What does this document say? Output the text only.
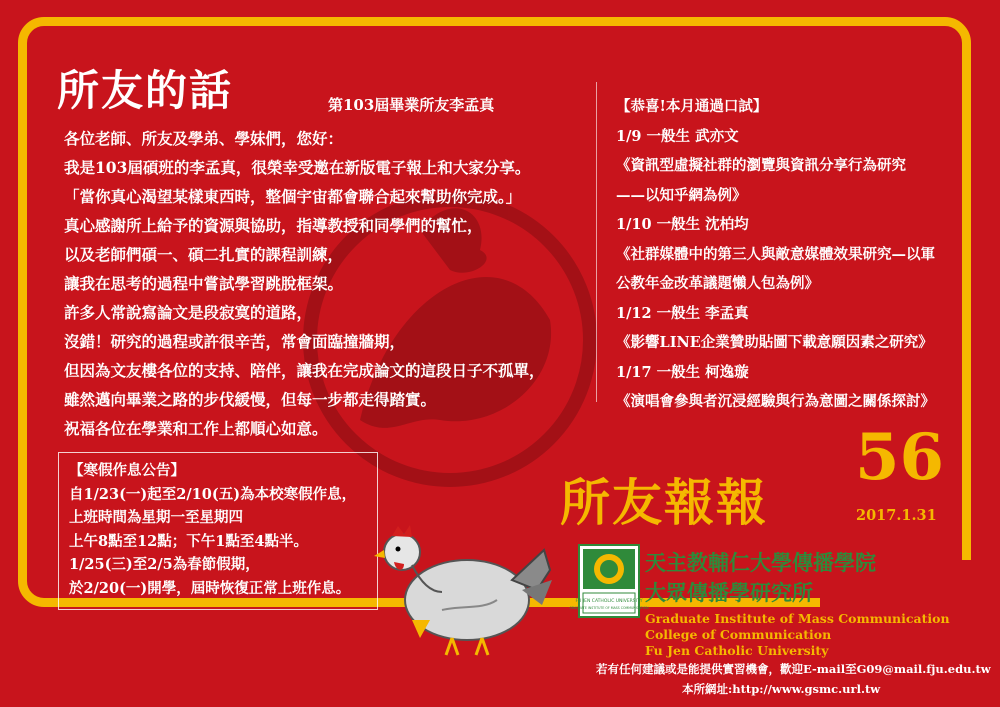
所友的話	第103屆畢業所友李孟真

各位老師、所友及學弟、學妹們，您好：

我是103屆碩班的李孟真，很榮幸受邀在新版電子報上和大家分享。

「當你真心渴望某樣東西時，整個宇宙都會聯合起來幫助你完成。」

真心感謝所上給予的資源與協助，指導教授和同學們的幫忙，

以及老師們碩一、碩二扎實的課程訓練，

讓我在思考的過程中嘗試學習跳脫框架。

許多人常說寫論文是段寂寞的道路，

沒錯！研究的過程或許很辛苦，常會面臨撞牆期，

但因為文友樓各位的支持、陪伴，讓我在完成論文的這段日子不孤單，

雖然邁向畢業之路的步伐緩慢，但每一步都走得踏實。

祝福各位在學業和工作上都順心如意。

【恭喜!本月通過口試】

1/9 一般生 武亦文

《資訊型虛擬社群的瀏覽與資訊分享行為研究

——以知乎網為例》

1/10 一般生 沈柏均

《社群媒體中的第三人與敵意媒體效果研究—以軍

公教年金改革議題懶人包為例》

1/12 一般生 李孟真

《影響LINE企業贊助貼圖下載意願因素之研究》

1/17 一般生 柯逸璇

《演唱會參與者沉浸經驗與行為意圖之關係探討》

【寒假作息公告】

自1/23(一)起至2/10(五)為本校寒假作息，

上班時間為星期一至星期四

上午8點至12點；下午1點至4點半。

1/25(三)至2/5為春節假期，

於2/20(一)開學，屆時恢復正常上班作息。

所友報報
56
2017.1.31
FU JEN CATHOLIC UNIVERSITY
GRADUATE INSTITUTE OF MASS COMMUNICATION
天主教輔仁大學傳播學院
大眾傳播學研究所
Graduate Institute of Mass Communication
College of Communication
Fu Jen Catholic University
若有任何建議或是能提供實習機會，歡迎E-mail至G09@mail.fju.edu.tw
本所網址:http://www.gsmc.url.tw
